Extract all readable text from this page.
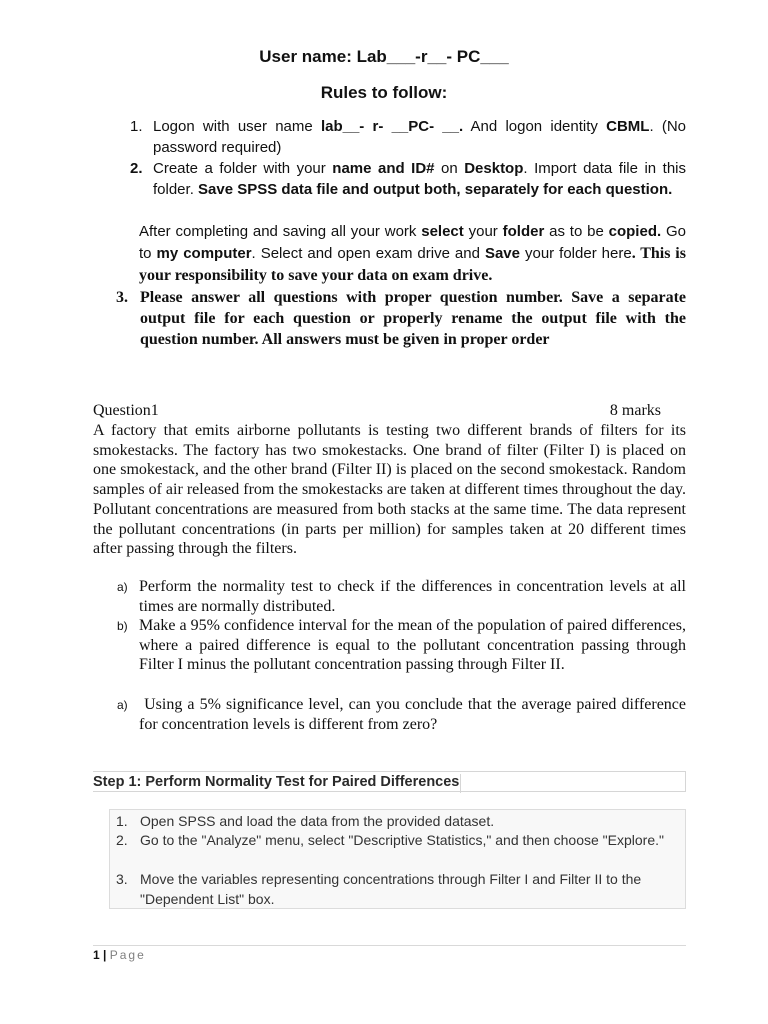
User name: Lab___-r__- PC___
Rules to follow:
1. Logon with user name lab__- r- __PC- __. And logon identity CBML. (No password required)
2. Create a folder with your name and ID# on Desktop. Import data file in this folder. Save SPSS data file and output both, separately for each question.
After completing and saving all your work select your folder as to be copied. Go to my computer. Select and open exam drive and Save your folder here. This is your responsibility to save your data on exam drive.
3. Please answer all questions with proper question number. Save a separate output file for each question or properly rename the output file with the question number. All answers must be given in proper order
Question1	8 marks
A factory that emits airborne pollutants is testing two different brands of filters for its smokestacks. The factory has two smokestacks. One brand of filter (Filter I) is placed on one smokestack, and the other brand (Filter II) is placed on the second smokestack. Random samples of air released from the smokestacks are taken at different times throughout the day. Pollutant concentrations are measured from both stacks at the same time. The data represent the pollutant concentrations (in parts per million) for samples taken at 20 different times after passing through the filters.
a) Perform the normality test to check if the differences in concentration levels at all times are normally distributed.
b) Make a 95% confidence interval for the mean of the population of paired differences, where a paired difference is equal to the pollutant concentration passing through Filter I minus the pollutant concentration passing through Filter II.
a) Using a 5% significance level, can you conclude that the average paired difference for concentration levels is different from zero?
Step 1: Perform Normality Test for Paired Differences
1. Open SPSS and load the data from the provided dataset.
2. Go to the "Analyze" menu, select "Descriptive Statistics," and then choose "Explore."
3. Move the variables representing concentrations through Filter I and Filter II to the "Dependent List" box.
1 | Page
